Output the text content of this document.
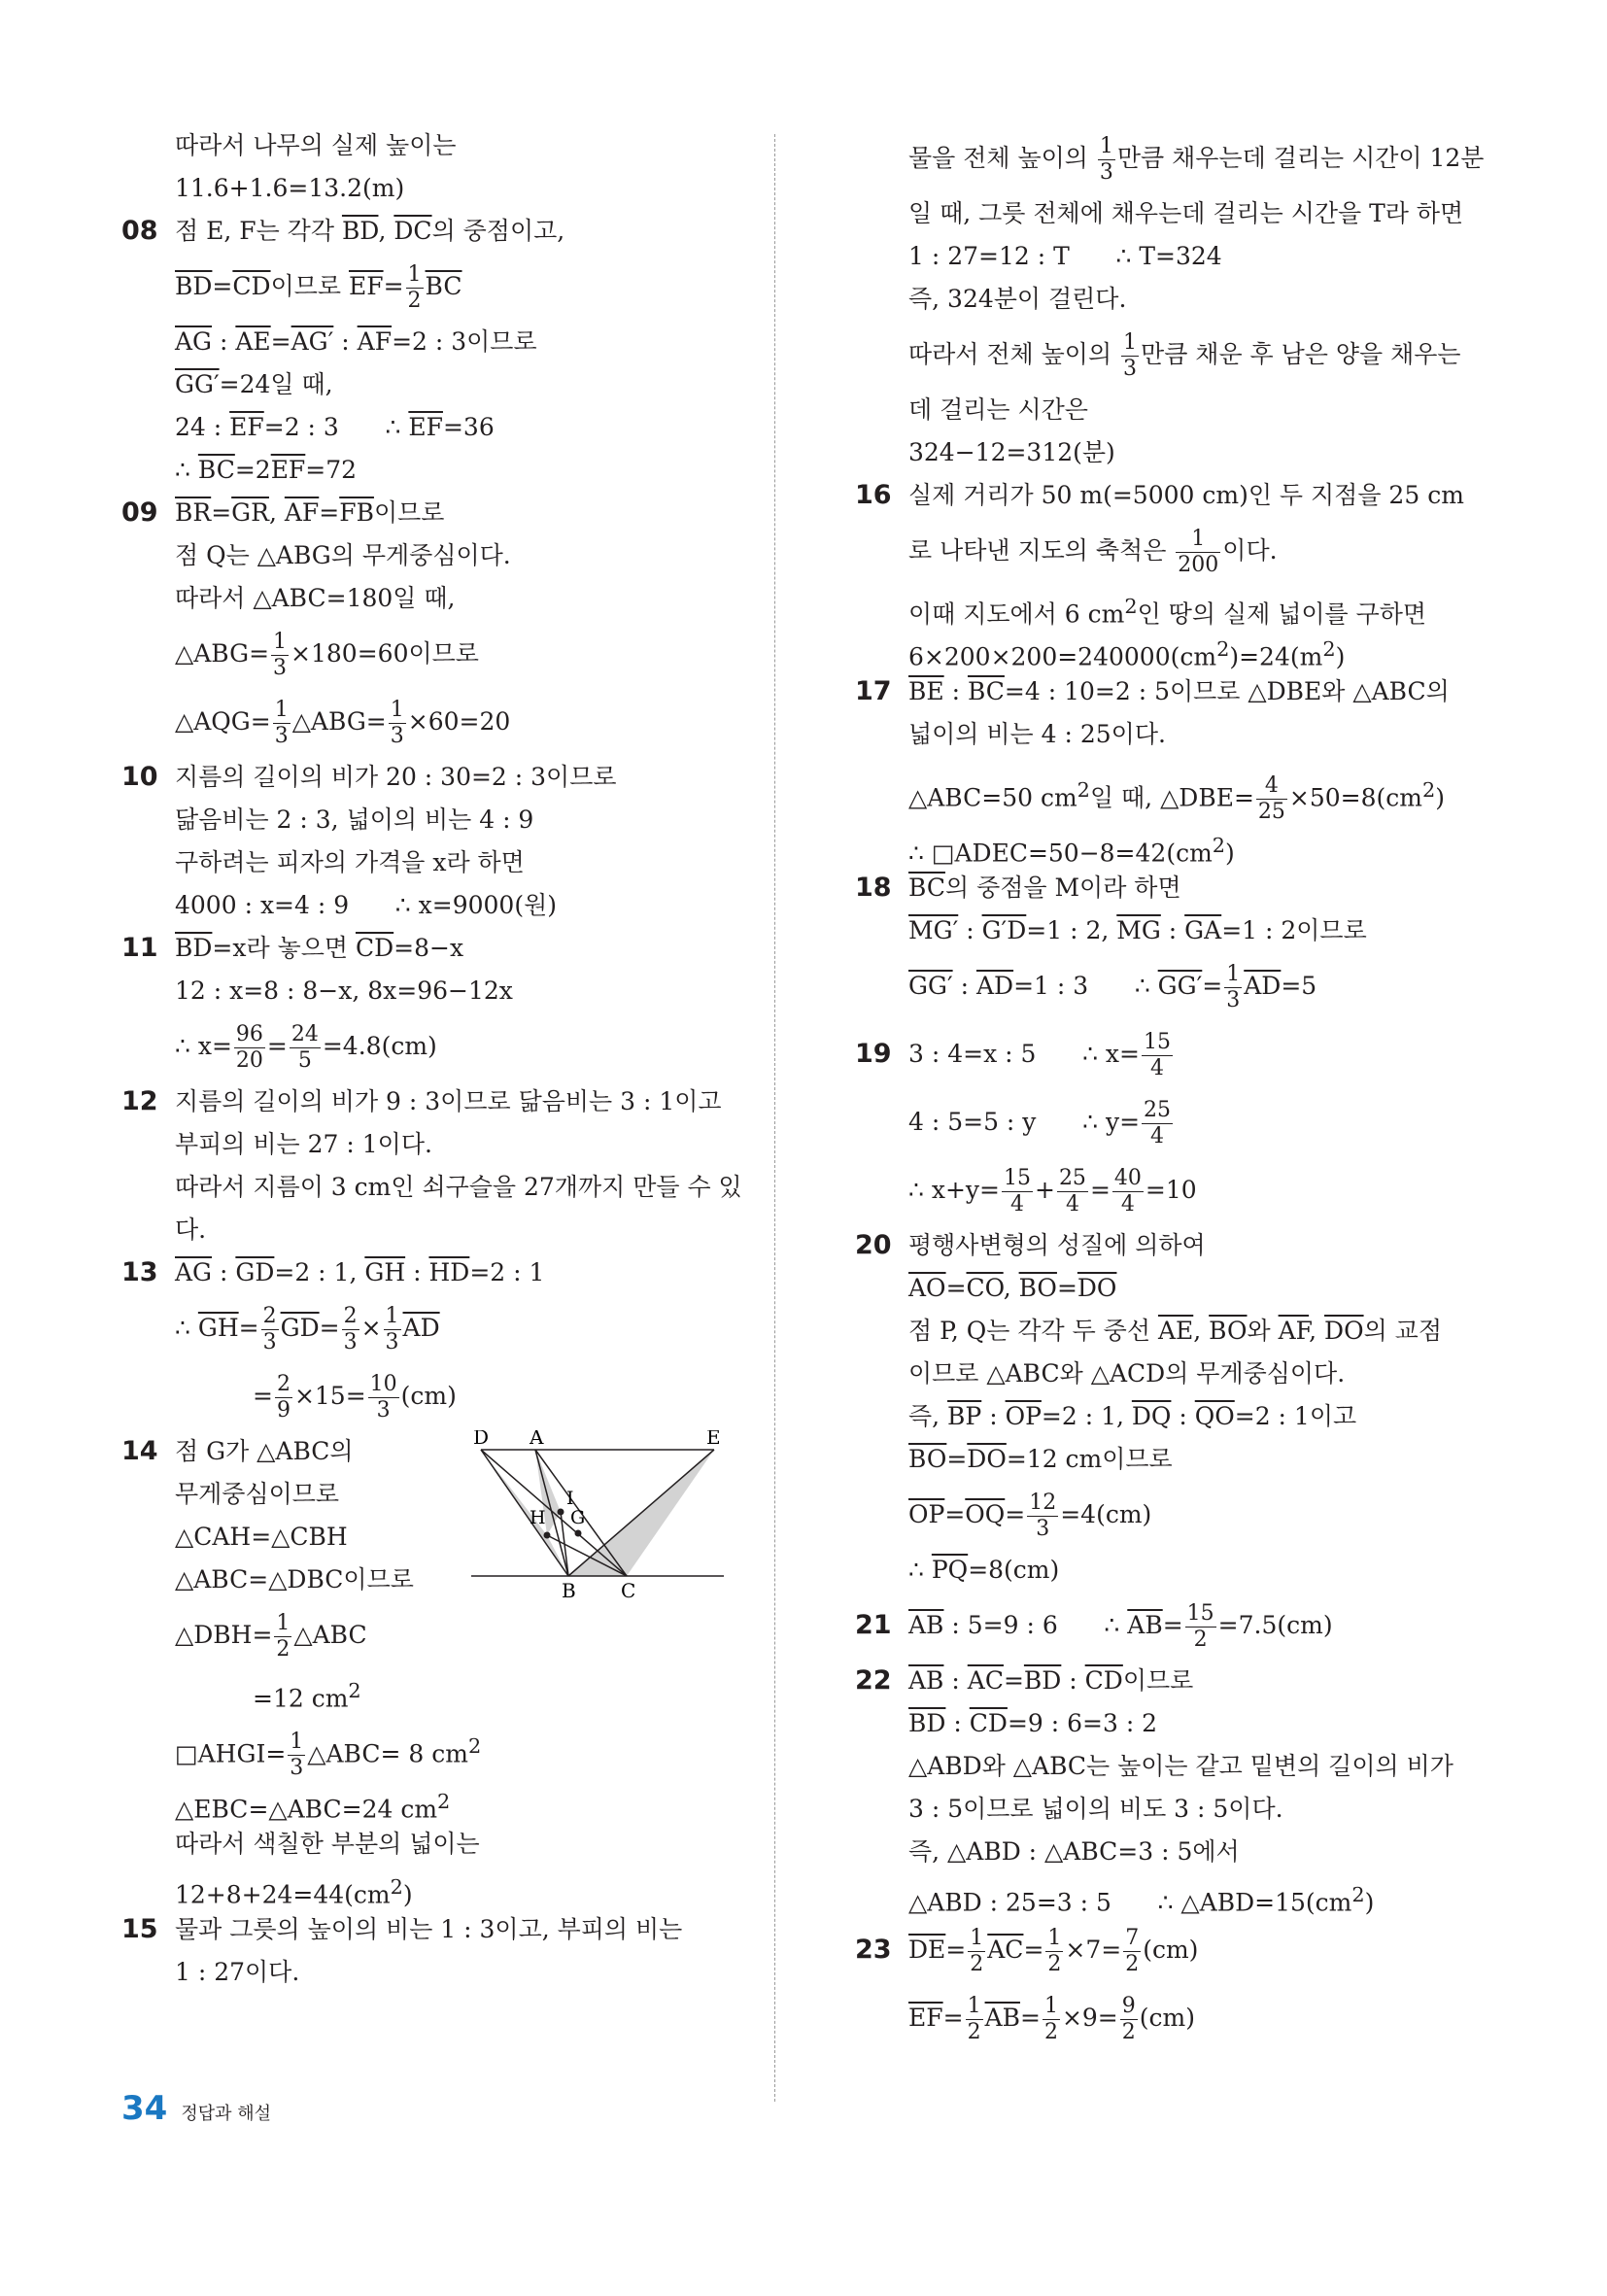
따라서 나무의 실제 높이는
11.6+1.6=13.2(m)
08 점 E, F는 각각 $\overline{BD}$, $\overline{DC}$의 중점이고,
$\overline{BD}=\overline{CD}$이므로 $\overline{EF}= \frac{1}{2} \overline{BC}$
$\overline{AG}$ : $\overline{AE}=AG'$ : $\overline{AF}=2$ : 3이므로
GG′=24일 때,
24 : $\overline{EF}=2$ : 3      ∴ $\overline{EF}=36$
∴ $\overline{BC}=2\overline{EF}=72$
09 $\overline{BR}=\overline{GR}$, $\overline{AF}=\overline{FB}$이므로
점 Q는 △ABG의 무게중심이다.
따라서 △ABC=180일 때,
△ABG= $\frac{1}{3} \times 180=60$이므로
△AQG= $\frac{1}{3}$ △ABG= $\frac{1}{3} \times 60=20$
10 지름의 길이의 비가 20 : 30=2 : 3이므로
닮음비는 2 : 3, 넓이의 비는 4 : 9
구하려는 피자의 가격을 x라 하면
4000 : x=4 : 9      ∴ x=9000(원)
11 $\overline{BD}=x$라 놓으면 $\overline{CD}=8-x$
12 : x=8 : 8−x, 8x=96−12x
∴ $x= \frac{96}{20} = \frac{24}{5} =4.8(cm)$
12 지름의 길이의 비가 9 : 3이므로 닮음비는 3 : 1이고
부피의 비는 27 : 1이다.
따라서 지름이 3 cm인 쇠구슬을 27개까지 만들 수 있
다.
13 $\overline{AG}$ : $\overline{GD}=2$ : 1, $\overline{GH}$ : $\overline{HD}=2$ : 1
∴ $\overline{GH}= \frac{2}{3} \overline{GD}= \frac{2}{3} \times \frac{1}{3} \overline{AD}$
= $\frac{2}{9} \times 15= \frac{10}{3} (cm)$
14	D A	E
H G
I
B C
점 G가 △ABC의
무게중심이므로
△CAH=△CBH
△ABC=△DBC이므로
△DBH= $\frac{1}{2}$ △ABC
=12 $cm^2$
□AHGI= $\frac{1}{3}$ △ABC= 8 $cm^2$
△EBC=△ABC=24 $cm^2$
따라서 색칠한 부분의 넓이는
$12+8+24=44(cm^2)$
15 물과 그릇의 높이의 비는 1 : 3이고, 부피의 비는
1 : 27이다.
물을 전체 높이의 $\frac{1}{3}$ 만큼 채우는데 걸리는 시간이 12분
일 때, 그릇 전체에 채우는데 걸리는 시간을 T라 하면
1 : 27=12 : T      ∴ T=324
즉, 324분이 걸린다.
따라서 전체 높이의 $\frac{1}{3}$ 만큼 채운 후 남은 양을 채우는
데 걸리는 시간은
324−12=312(분)
16 실제 거리가 50 m(=5000 cm)인 두 지점을 25 cm
로 나타낸 지도의 축척은 $\frac{1}{200}$ 이다.
이때 지도에서 6 $cm^2$인 땅의 실제 넓이를 구하면
$6\times 200\times 200=240000(cm^2)=24(m^2)$
17 $\overline{BE}$ : $\overline{BC}=4$ : 10=2 : 5이므로 △DBE와 △ABC의
넓이의 비는 4 : 25이다.
△ABC=50 $cm^2$일 때, △DBE= $\frac{4}{25} \times 50=8(cm^2)$
∴ $□ADEC=50-8=42(cm^2)$
18 $\overline{BC}$의 중점을 M이라 하면
MG′ : G′D=1 : 2, $\overline{MG}$ : $\overline{GA}=1$ : 2이므로
GG′ : $\overline{AD}=1$ : 3      ∴ $GG'= \frac{1}{3} \overline{AD}=5$
19 3 : 4=x : 5      ∴ $x= \frac{15}{4}$
4 : 5=5 : y      ∴ $y= \frac{25}{4}$
∴ $x+y= \frac{15}{4} + \frac{25}{4} = \frac{40}{4} =10$
20 평행사변형의 성질에 의하여
$\overline{AO}=\overline{CO}$, $\overline{BO}=\overline{DO}$
점 P, Q는 각각 두 중선 $\overline{AE}$, $\overline{BO}$와 $\overline{AF}$, $\overline{DO}$의 교점
이므로 △ABC와 △ACD의 무게중심이다.
즉, $\overline{BP}$ : $\overline{OP}=2$ : 1, $\overline{DQ}$ : $\overline{QO}=2$ : 1이고
$\overline{BO}=\overline{DO}=12$ cm이므로
$\overline{OP}=\overline{OQ}= \frac{12}{3} =4(cm)$
∴ $\overline{PQ}=8(cm)$
21 $\overline{AB}$ : 5=9 : 6      ∴ $\overline{AB}= \frac{15}{2} =7.5(cm)$
22 $\overline{AB}$ : $\overline{AC}=\overline{BD}$ : $\overline{CD}$이므로
$\overline{BD}$ : $\overline{CD}=9$ : 6=3 : 2
△ABD와 △ABC는 높이는 같고 밑변의 길이의 비가
3 : 5이므로 넓이의 비도 3 : 5이다.
즉, △ABD : △ABC=3 : 5에서
△ABD : 25=3 : 5      ∴ $\triangle ABD=15(cm^2)$
23 $\overline{DE}= \frac{1}{2} \overline{AC}= \frac{1}{2} \times 7= \frac{7}{2} (cm)$
$\overline{EF}= \frac{1}{2} \overline{AB}= \frac{1}{2} \times 9= \frac{9}{2} (cm)$
34 정답과 해설
